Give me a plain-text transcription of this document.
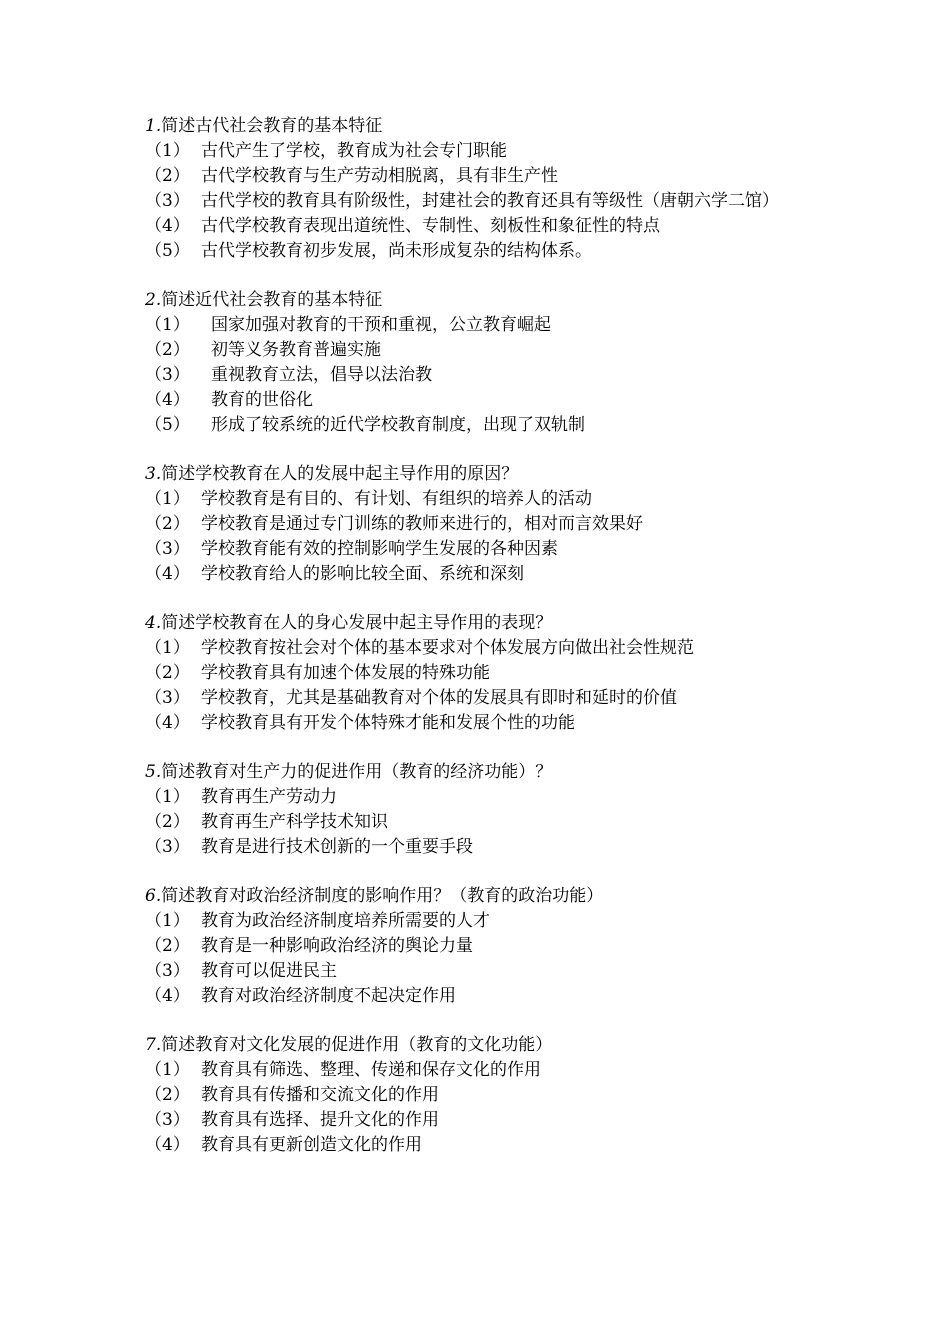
1.简述古代社会教育的基本特征
（1） 古代产生了学校，教育成为社会专门职能
（2） 古代学校教育与生产劳动相脱离，具有非生产性
（3） 古代学校的教育具有阶级性，封建社会的教育还具有等级性（唐朝六学二馆）
（4） 古代学校教育表现出道统性、专制性、刻板性和象征性的特点
（5） 古代学校教育初步发展，尚未形成复杂的结构体系。
2.简述近代社会教育的基本特征
（1）	国家加强对教育的干预和重视，公立教育崛起
（2）	初等义务教育普遍实施
（3）	重视教育立法，倡导以法治教
（4）	教育的世俗化
（5）	形成了较系统的近代学校教育制度，出现了双轨制
3.简述学校教育在人的发展中起主导作用的原因？
（1） 学校教育是有目的、有计划、有组织的培养人的活动
（2） 学校教育是通过专门训练的教师来进行的，相对而言效果好
（3） 学校教育能有效的控制影响学生发展的各种因素
（4） 学校教育给人的影响比较全面、系统和深刻
4.简述学校教育在人的身心发展中起主导作用的表现？
（1） 学校教育按社会对个体的基本要求对个体发展方向做出社会性规范
（2） 学校教育具有加速个体发展的特殊功能
（3） 学校教育，尤其是基础教育对个体的发展具有即时和延时的价值
（4） 学校教育具有开发个体特殊才能和发展个性的功能
5.简述教育对生产力的促进作用（教育的经济功能）？
（1） 教育再生产劳动力
（2） 教育再生产科学技术知识
（3） 教育是进行技术创新的一个重要手段
6.简述教育对政治经济制度的影响作用？（教育的政治功能）
（1） 教育为政治经济制度培养所需要的人才
（2） 教育是一种影响政治经济的舆论力量
（3） 教育可以促进民主
（4） 教育对政治经济制度不起决定作用
7.简述教育对文化发展的促进作用（教育的文化功能）
（1） 教育具有筛选、整理、传递和保存文化的作用
（2） 教育具有传播和交流文化的作用
（3） 教育具有选择、提升文化的作用
（4） 教育具有更新创造文化的作用
